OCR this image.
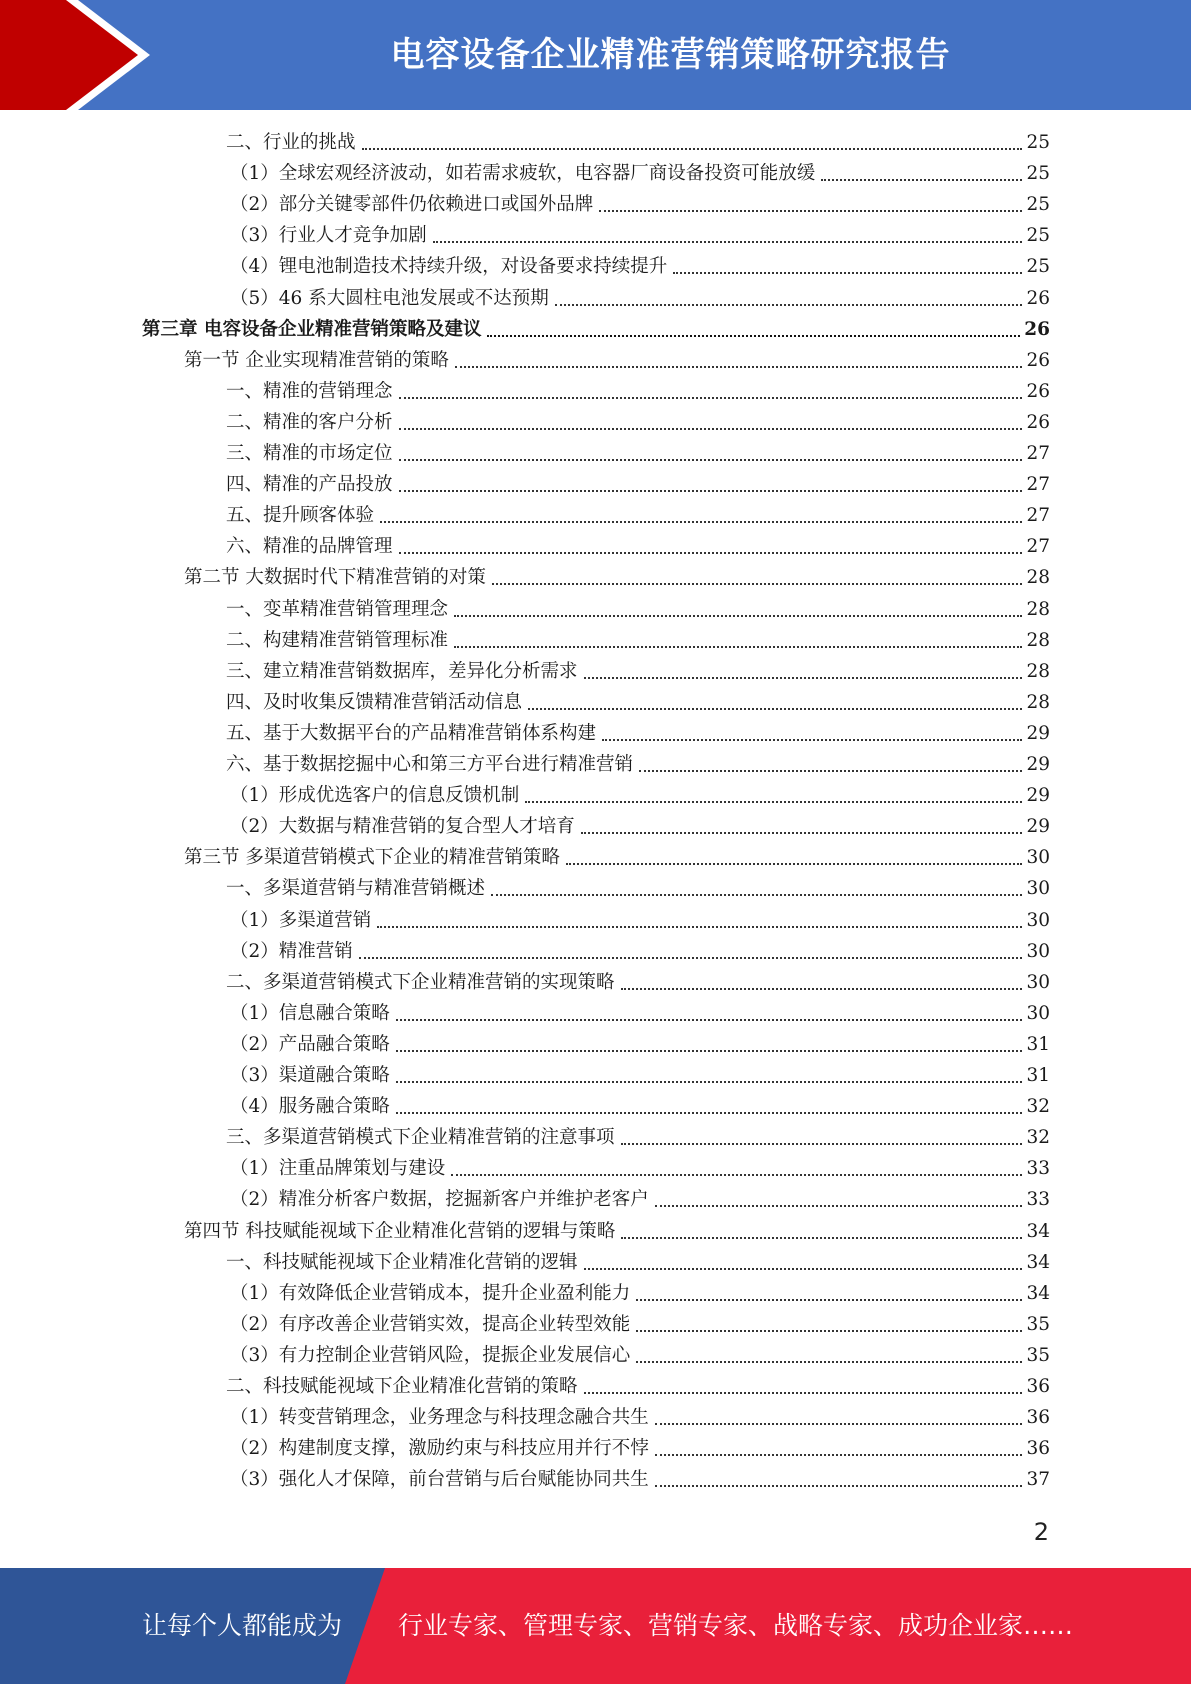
电容设备企业精准营销策略研究报告
二、行业的挑战	25
（1）全球宏观经济波动，如若需求疲软，电容器厂商设备投资可能放缓	25
（2）部分关键零部件仍依赖进口或国外品牌	25
（3）行业人才竞争加剧	25
（4）锂电池制造技术持续升级，对设备要求持续提升	25
（5）46 系大圆柱电池发展或不达预期	26
第三章 电容设备企业精准营销策略及建议	26
第一节 企业实现精准营销的策略	26
一、精准的营销理念	26
二、精准的客户分析	26
三、精准的市场定位	27
四、精准的产品投放	27
五、提升顾客体验	27
六、精准的品牌管理	27
第二节 大数据时代下精准营销的对策	28
一、变革精准营销管理理念	28
二、构建精准营销管理标准	28
三、建立精准营销数据库，差异化分析需求	28
四、及时收集反馈精准营销活动信息	28
五、基于大数据平台的产品精准营销体系构建	29
六、基于数据挖掘中心和第三方平台进行精准营销	29
（1）形成优选客户的信息反馈机制	29
（2）大数据与精准营销的复合型人才培育	29
第三节 多渠道营销模式下企业的精准营销策略	30
一、多渠道营销与精准营销概述	30
（1）多渠道营销	30
（2）精准营销	30
二、多渠道营销模式下企业精准营销的实现策略	30
（1）信息融合策略	30
（2）产品融合策略	31
（3）渠道融合策略	31
（4）服务融合策略	32
三、多渠道营销模式下企业精准营销的注意事项	32
（1）注重品牌策划与建设	33
（2）精准分析客户数据，挖掘新客户并维护老客户	33
第四节 科技赋能视域下企业精准化营销的逻辑与策略	34
一、科技赋能视域下企业精准化营销的逻辑	34
（1）有效降低企业营销成本，提升企业盈利能力	34
（2）有序改善企业营销实效，提高企业转型效能	35
（3）有力控制企业营销风险，提振企业发展信心	35
二、科技赋能视域下企业精准化营销的策略	36
（1）转变营销理念，业务理念与科技理念融合共生	36
（2）构建制度支撑，激励约束与科技应用并行不悖	36
（3）强化人才保障，前台营销与后台赋能协同共生	37
2
让每个人都能成为 行业专家、管理专家、营销专家、战略专家、成功企业家……
